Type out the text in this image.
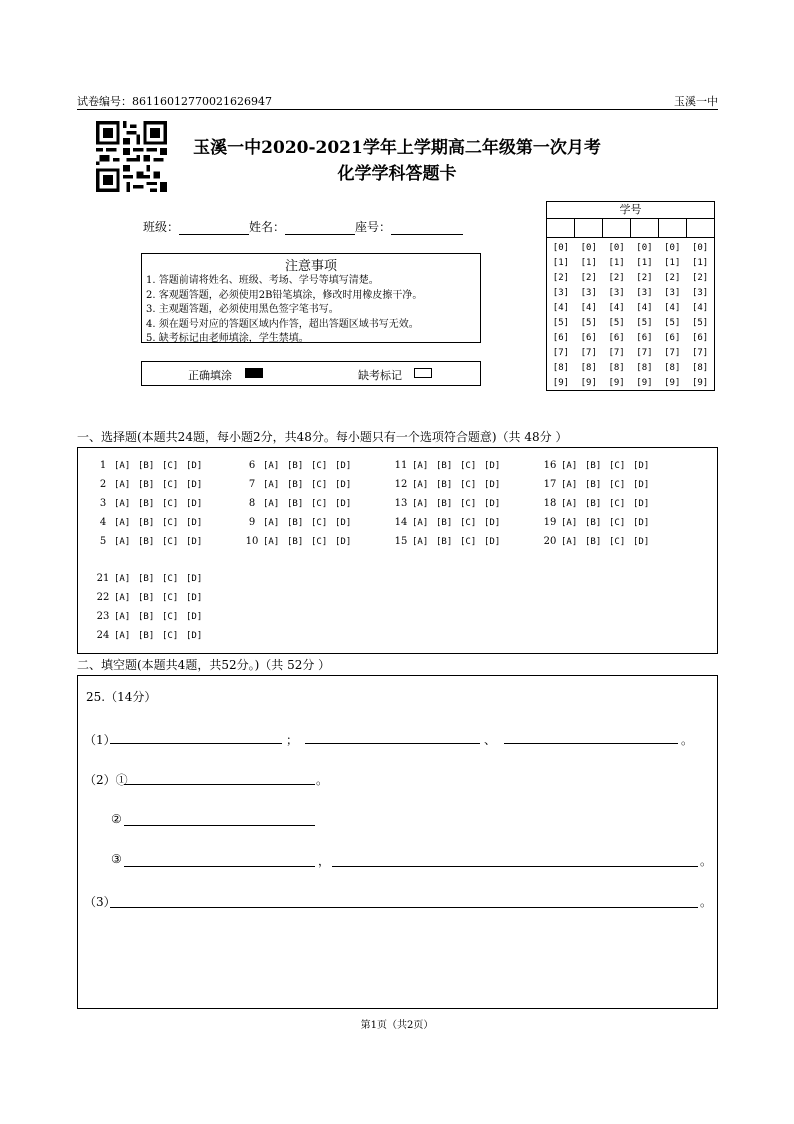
试卷编号：86116012770021626947	玉溪一中
玉溪一中2020-2021学年上学期高二年级第一次月考
化学学科答题卡
班级：	姓名：	座号：
注意事项
1. 答题前请将姓名、班级、考场、学号等填写清楚。
2. 客观题答题，必须使用2B铅笔填涂，修改时用橡皮擦干净。
3. 主观题答题，必须使用黑色签字笔书写。
4. 须在题号对应的答题区域内作答，超出答题区域书写无效。
5. 缺考标记由老师填涂，学生禁填。
正确填涂	缺考标记
学号
[0]	[0]	[0]	[0]	[0]	[0]
[1]	[1]	[1]	[1]	[1]	[1]
[2]	[2]	[2]	[2]	[2]	[2]
[3]	[3]	[3]	[3]	[3]	[3]
[4]	[4]	[4]	[4]	[4]	[4]
[5]	[5]	[5]	[5]	[5]	[5]
[6]	[6]	[6]	[6]	[6]	[6]
[7]	[7]	[7]	[7]	[7]	[7]
[8]	[8]	[8]	[8]	[8]	[8]
[9]	[9]	[9]	[9]	[9]	[9]
一、选择题(本题共24题，每小题2分，共48分。每小题只有一个选项符合题意)（共 48分 ）
1 [A] [B] [C] [D]
2 [A] [B] [C] [D]
3 [A] [B] [C] [D]
4 [A] [B] [C] [D]
5 [A] [B] [C] [D]
6 [A] [B] [C] [D]
7 [A] [B] [C] [D]
8 [A] [B] [C] [D]
9 [A] [B] [C] [D]
10 [A] [B] [C] [D]
11 [A] [B] [C] [D]
12 [A] [B] [C] [D]
13 [A] [B] [C] [D]
14 [A] [B] [C] [D]
15 [A] [B] [C] [D]
16 [A] [B] [C] [D]
17 [A] [B] [C] [D]
18 [A] [B] [C] [D]
19 [A] [B] [C] [D]
20 [A] [B] [C] [D]
21 [A] [B] [C] [D]
22 [A] [B] [C] [D]
23 [A] [B] [C] [D]
24 [A] [B] [C] [D]
二、填空题(本题共4题，共52分。)（共 52分 ）
25.（14分）
（1）	；	、	。
（2）①	。
②
③	，	。
（3）	。
第1页（共2页）
